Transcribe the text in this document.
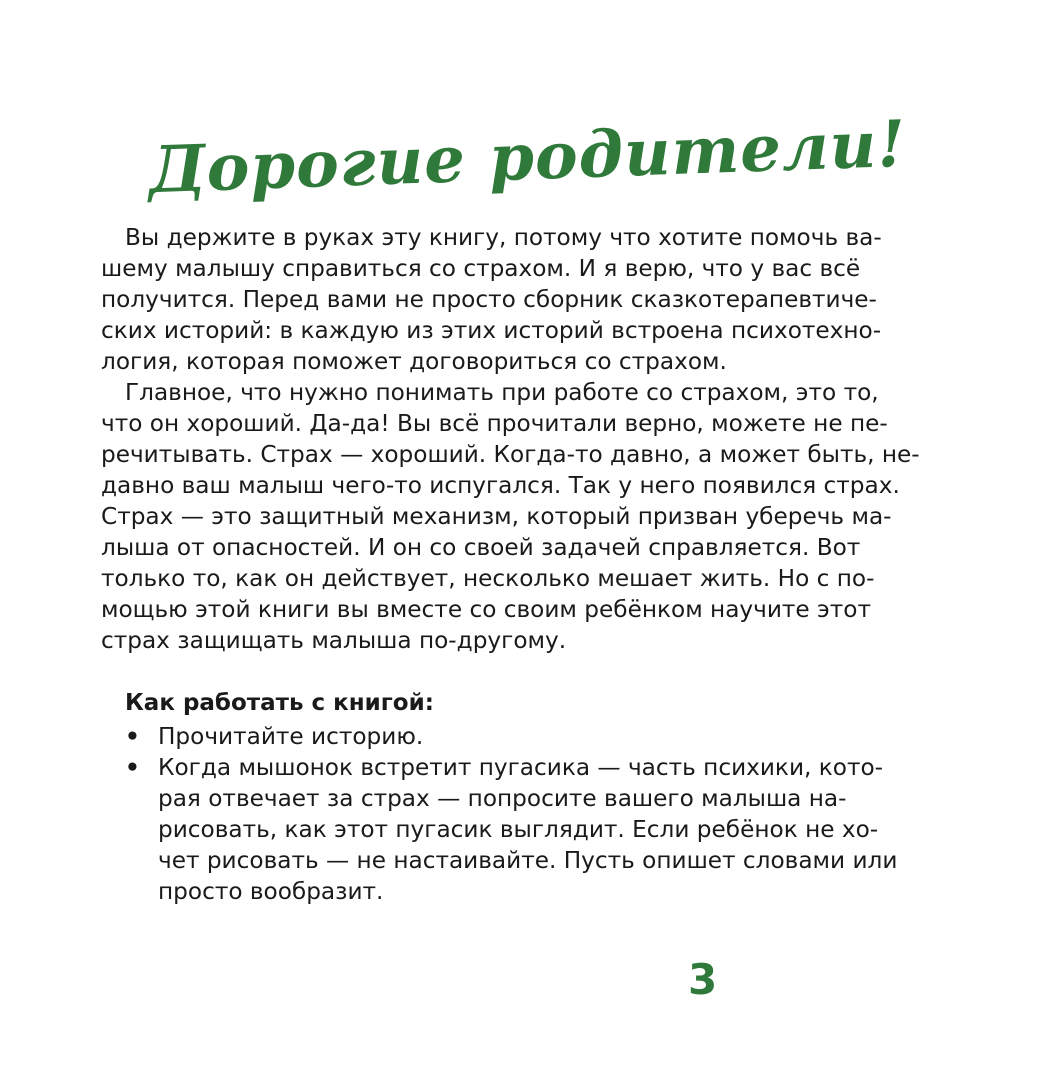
Дорогие родители!
Вы держите в руках эту книгу, потому что хотите помочь ва-
шему малышу справиться со страхом. И я верю, что у вас всё
получится. Перед вами не просто сборник сказкотерапевтиче-
ских историй: в каждую из этих историй встроена психотехно-
логия, которая поможет договориться со страхом.
Главное, что нужно понимать при работе со страхом, это то,
что он хороший. Да-да! Вы всё прочитали верно, можете не пе-
речитывать. Страх — хороший. Когда-то давно, а может быть, не-
давно ваш малыш чего-то испугался. Так у него появился страх.
Страх — это защитный механизм, который призван уберечь ма-
лыша от опасностей. И он со своей задачей справляется. Вот
только то, как он действует, несколько мешает жить. Но с по-
мощью этой книги вы вместе со своим ребёнком научите этот
страх защищать малыша по-другому.
Как работать с книгой:
• Прочитайте историю.
• Когда мышонок встретит пугасика — часть психики, кото-
рая отвечает за страх — попросите вашего малыша на-
рисовать, как этот пугасик выглядит. Если ребёнок не хо-
чет рисовать — не настаивайте. Пусть опишет словами или
просто вообразит.
3
